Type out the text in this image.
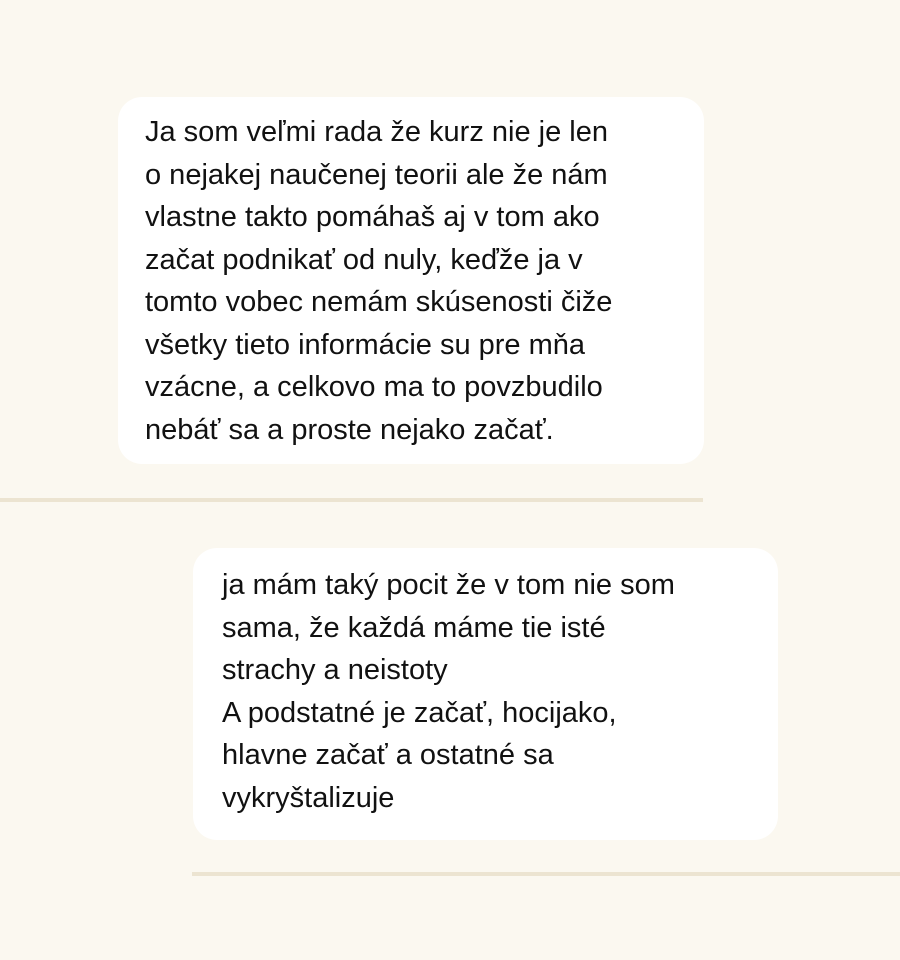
Ja som veľmi rada že kurz nie je len
o nejakej naučenej teorii ale že nám
vlastne takto pomáhaš aj v tom ako
začat podnikať od nuly, keďže ja v
tomto vobec nemám skúsenosti čiže
všetky tieto informácie su pre mňa
vzácne, a celkovo ma to povzbudilo
nebáť sa a proste nejako začať.
ja mám taký pocit že v tom nie som
sama, že každá máme tie isté
strachy a neistoty
A podstatné je začať, hocijako,
hlavne začať a ostatné sa
vykryštalizuje
